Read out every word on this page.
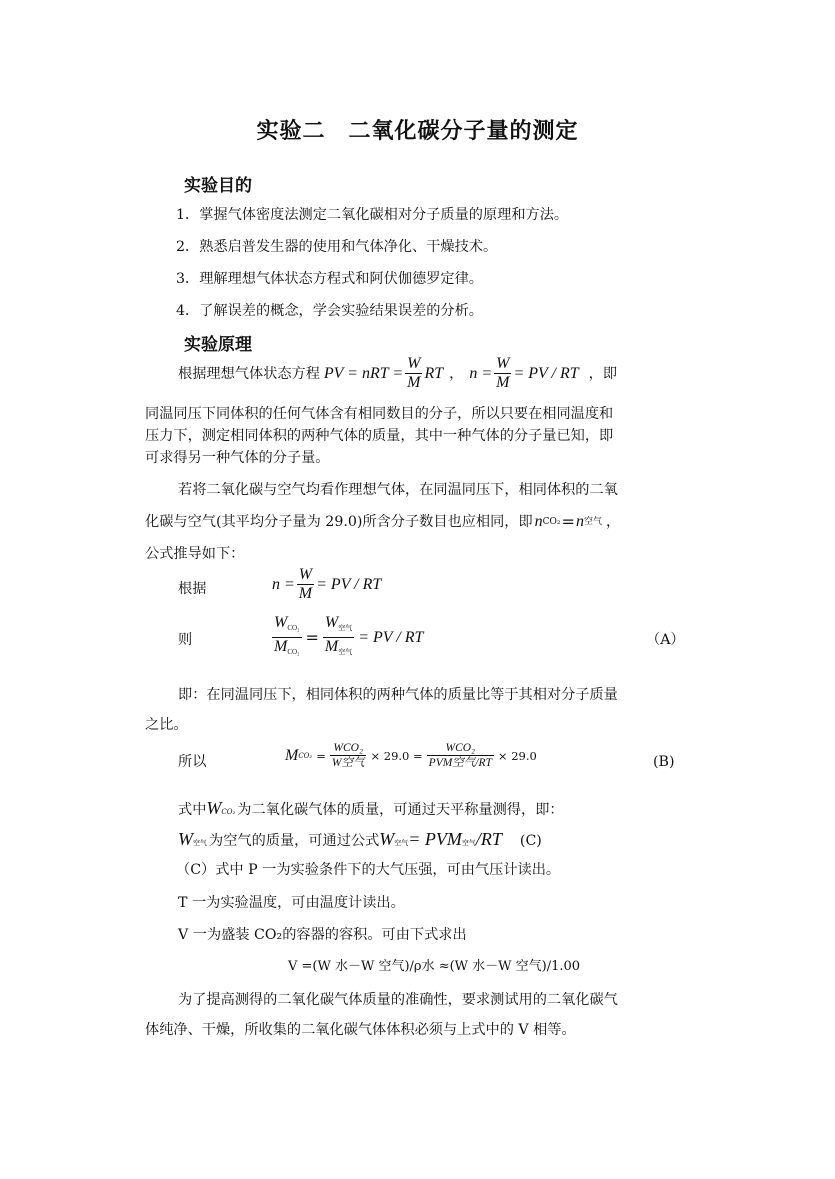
实验二　二氧化碳分子量的测定
实验目的
1．掌握气体密度法测定二氧化碳相对分子质量的原理和方法。
2．熟悉启普发生器的使用和气体净化、干燥技术。
3．理解理想气体状态方程式和阿伏伽德罗定律。
4．了解误差的概念，学会实验结果误差的分析。
实验原理
根据理想气体状态方程 PV = nRT = $\frac{W}{M}$ RT ， $n = \frac{W}{M}$ = PV / RT ，即
同温同压下同体积的任何气体含有相同数目的分子，所以只要在相同温度和
压力下，测定相同体积的两种气体的质量，其中一种气体的分子量已知，即
可求得另一种气体的分子量。
若将二氧化碳与空气均看作理想气体，在同温同压下，相同体积的二氧
化碳与空气(其平均分子量为 29.0)所含分子数目也应相同，即 n CO₂ = n 空气 ，
公式推导如下：
根据	$n = \frac{W}{M}$ = PV / RT
则	$\frac{W_{CO_2}}{M_{CO_2}} = \frac{W_{空气}}{M_{空气}}$ = PV / RT	（A）
即：在同温同压下，相同体积的两种气体的质量比等于其相对分子质量
之比。
所以	M $CO_2 = \frac{\text{WCO₂}}{\text{W空气}} \times 29.0 = \frac{\text{WCO₂}}{\text{PVM空气/RT}} \times 29.0$	(B)
式中 W CO₂ 为二氧化碳气体的质量，可通过天平称量测得，即：
W 空气 为空气的质量，可通过公式 W 空气 = PVM 空气 /RT (C)
（C）式中 P 一为实验条件下的大气压强，可由气压计读出。
T 一为实验温度，可由温度计读出。
V 一为盛装 CO₂的容器的容积。可由下式求出
V =(W 水－W 空气)/ρ水 ≈(W 水－W 空气)/1.00
为了提高测得的二氧化碳气体质量的准确性，要求测试用的二氧化碳气
体纯净、干燥，所收集的二氧化碳气体体积必须与上式中的 V 相等。
